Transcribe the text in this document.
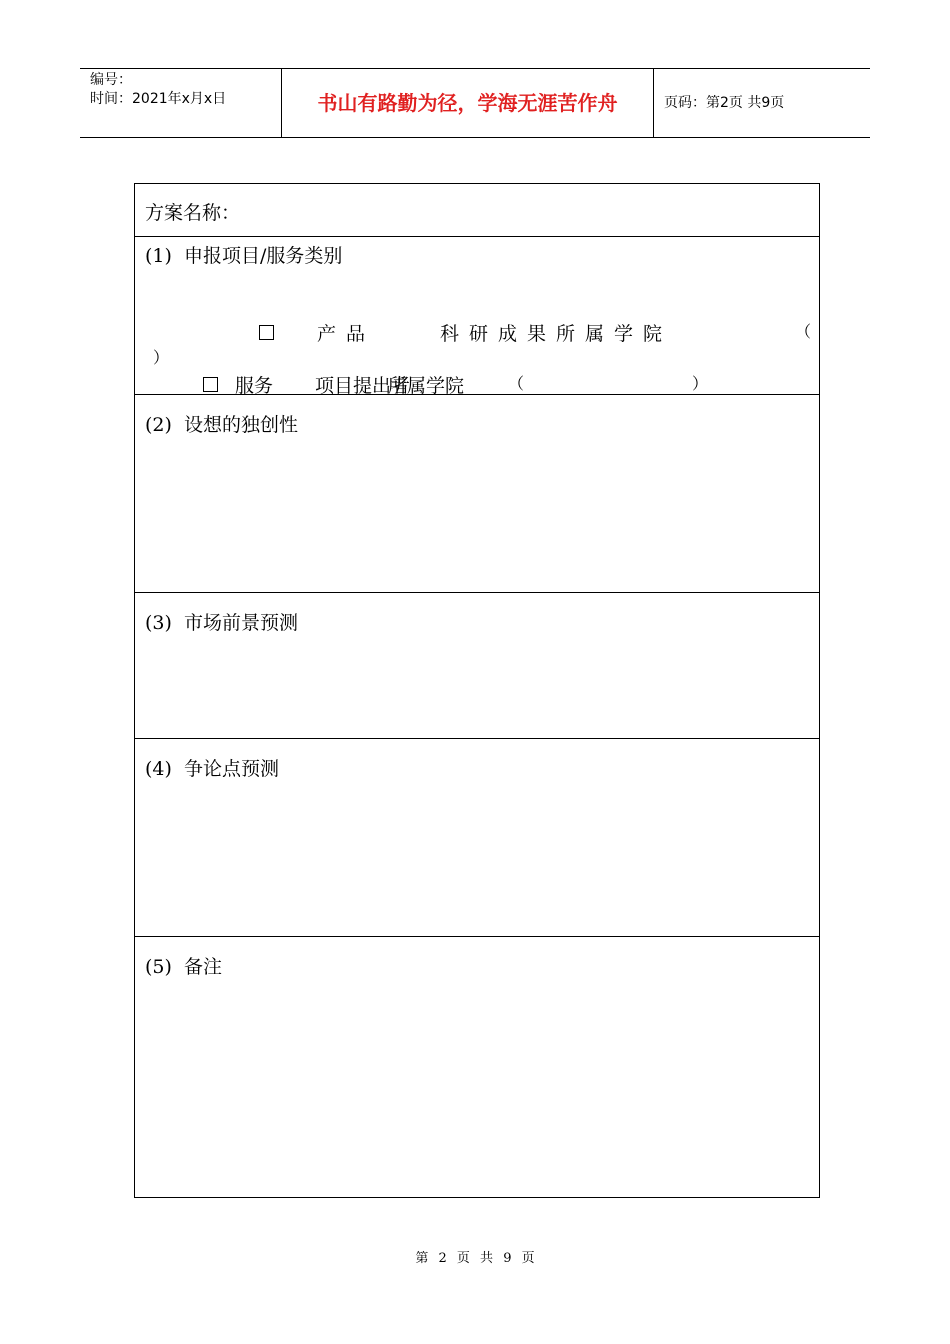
编号：
时间：2021年x月x日	书山有路勤为径，学海无涯苦作舟	页码：第2页 共9页
方案名称：
(1)  申报项目/服务类别
产品	科研成果所属学院	（
）
服务 项目提出者
所属学院	（	）
(2)  设想的独创性
(3)  市场前景预测
(4)  争论点预测
(5)  备注
第 2 页 共 9 页
